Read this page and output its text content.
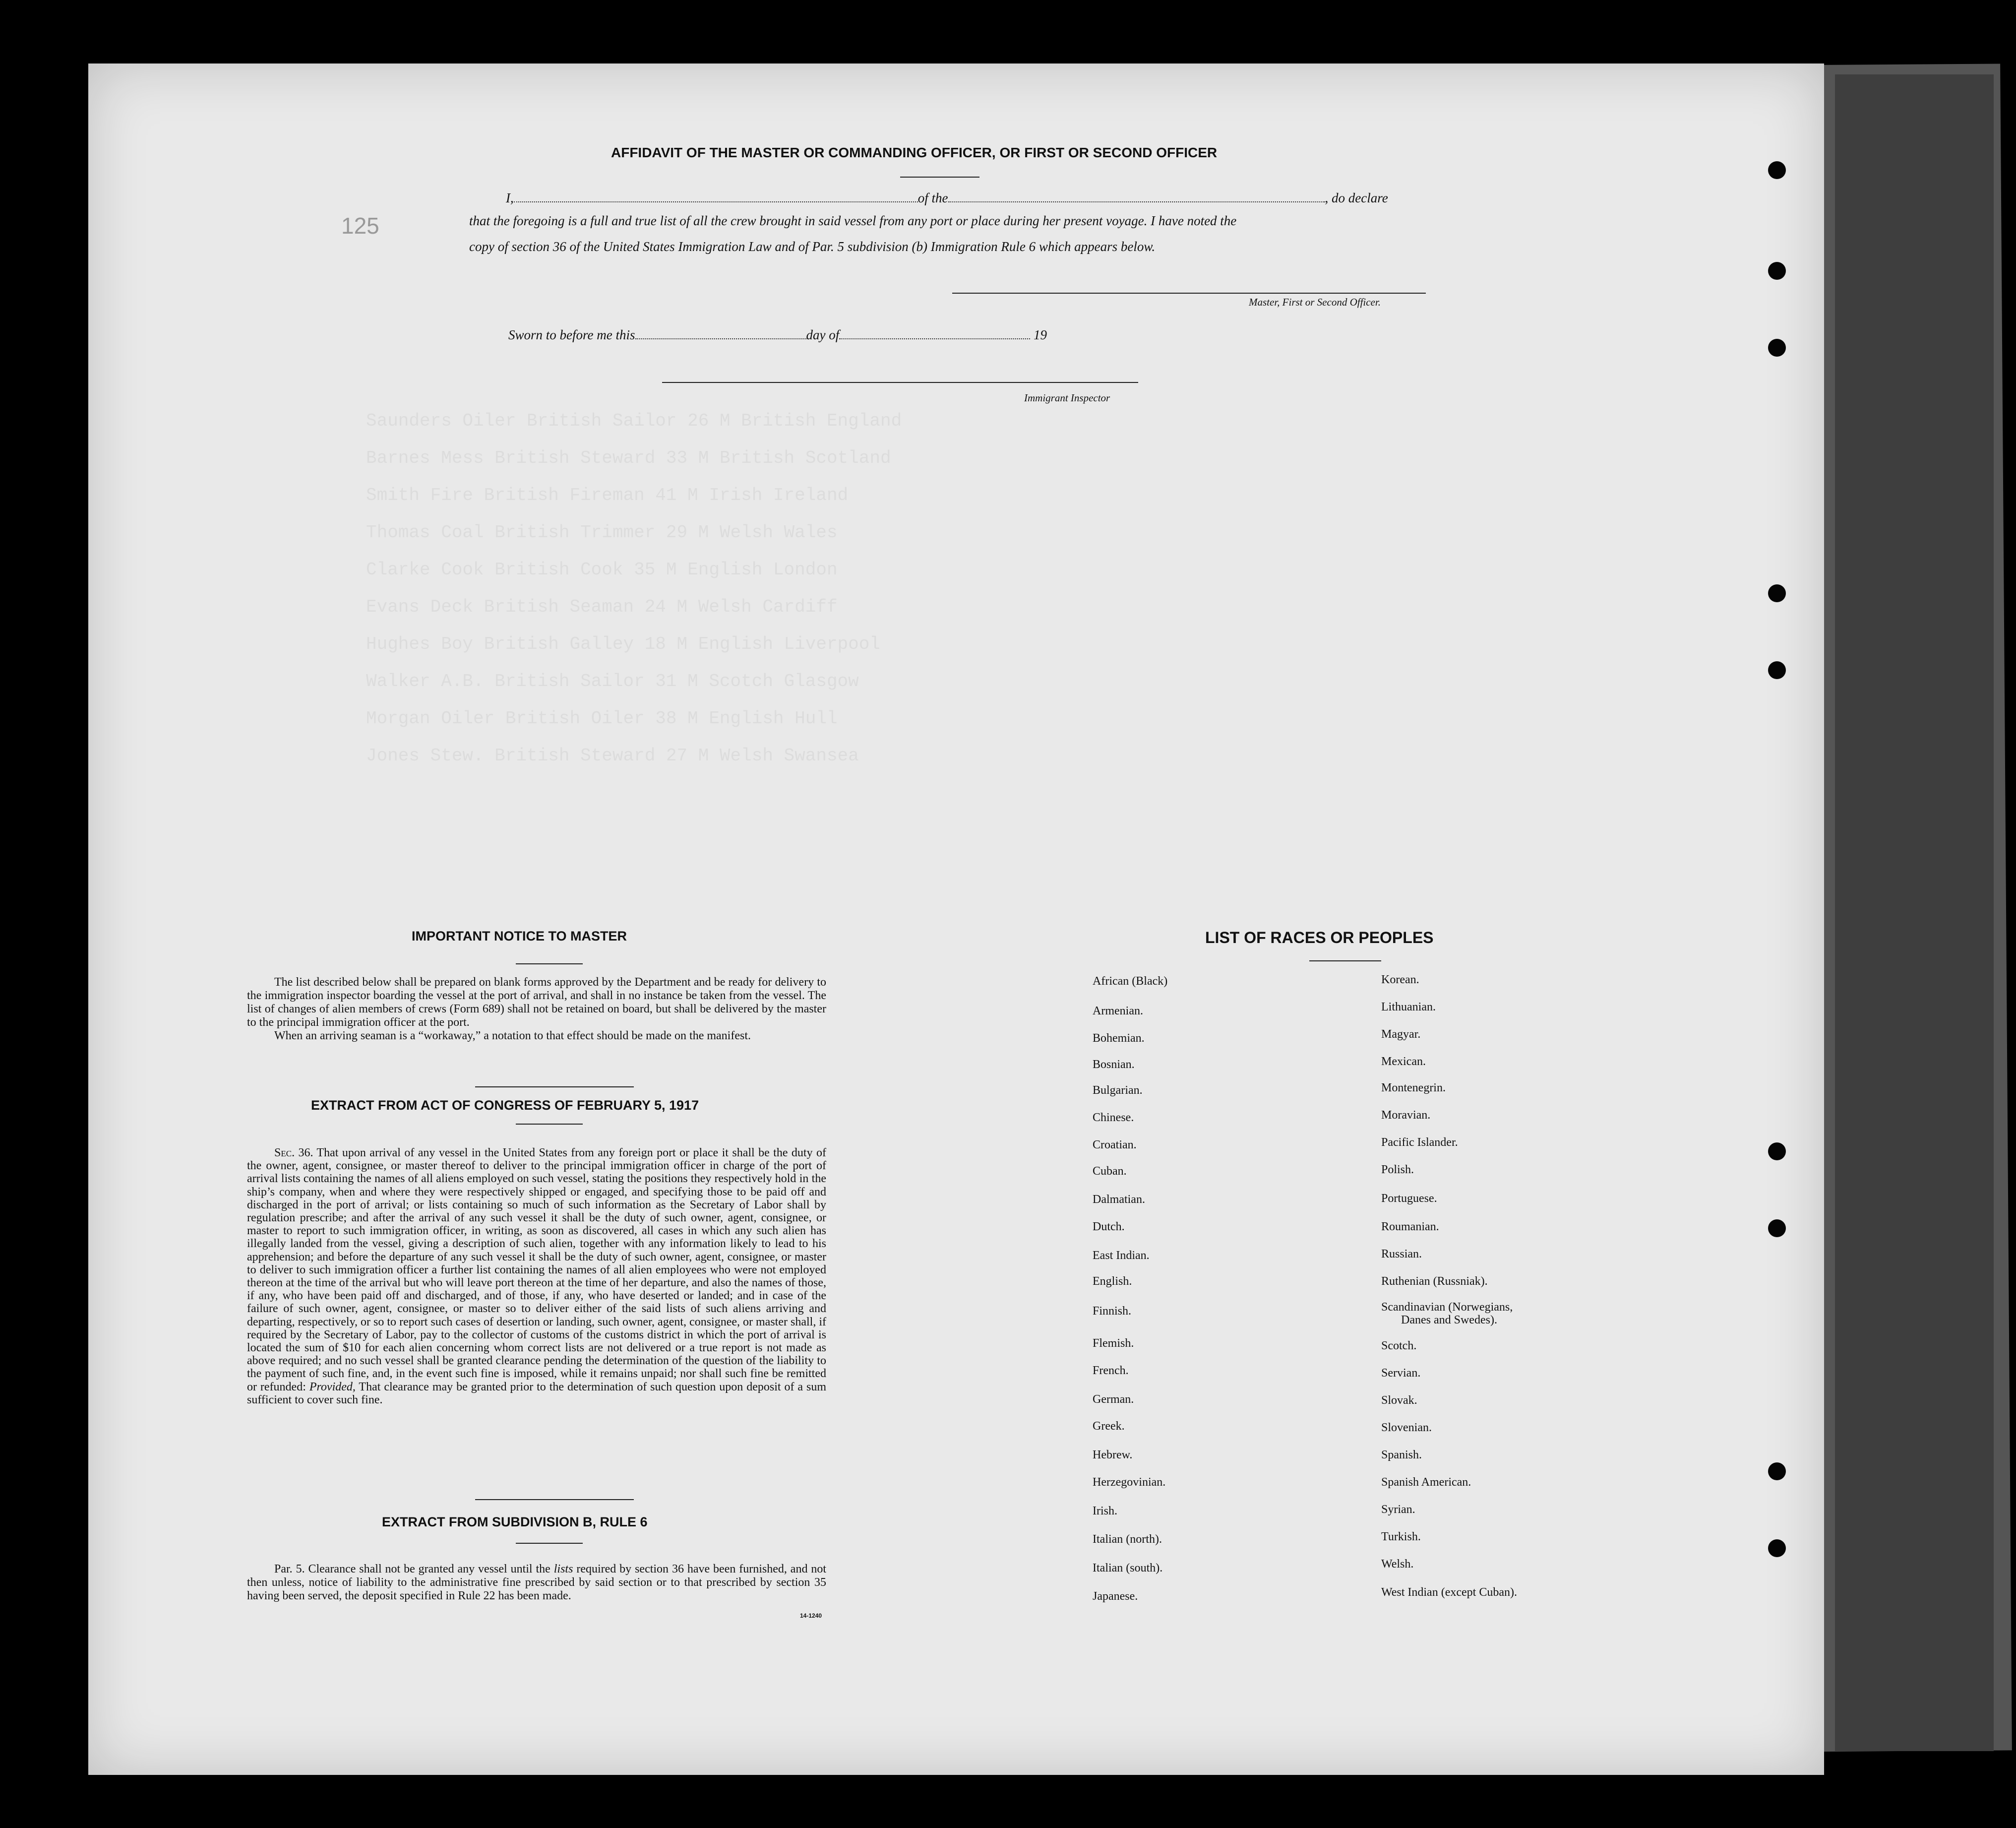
Saunders Oiler British Sailor 26 M British England
Barnes Mess British Steward 33 M British Scotland
Smith Fire British Fireman 41 M Irish Ireland
Thomas Coal British Trimmer 29 M Welsh Wales
Clarke Cook British Cook 35 M English London
Evans Deck British Seaman 24 M Welsh Cardiff
Hughes Boy British Galley 18 M English Liverpool
Walker A.B. British Sailor 31 M Scotch Glasgow
Morgan Oiler British Oiler 38 M English Hull
Jones Stew. British Steward 27 M Welsh Swansea
125
AFFIDAVIT OF THE MASTER OR COMMANDING OFFICER, OR FIRST OR SECOND OFFICER
I,	of the	, do declare
that the foregoing is a full and true list of all the crew brought in said vessel from any port or place during her present voyage. I have noted the
copy of section 36 of the United States Immigration Law and of Par. 5 subdivision (b) Immigration Rule 6 which appears below.
Master, First or Second Officer.
Sworn to before me this	day of	19
Immigrant Inspector
IMPORTANT NOTICE TO MASTER

The list described below shall be prepared on blank forms approved by the Department and be ready for delivery to the immigration inspector boarding the vessel at the port of arrival, and shall in no instance be taken from the vessel. The list of changes of alien members of crews (Form 689) shall not be retained on board, but shall be delivered by the master to the principal immigration officer at the port.

When an arriving seaman is a “workaway,” a notation to that effect should be made on the manifest.

EXTRACT FROM ACT OF CONGRESS OF FEBRUARY 5, 1917

Sec. 36. That upon arrival of any vessel in the United States from any foreign port or place it shall be the duty of the owner, agent, consignee, or master thereof to deliver to the principal immigration officer in charge of the port of arrival lists containing the names of all aliens employed on such vessel, stating the positions they respectively hold in the ship’s company, when and where they were respectively shipped or engaged, and specifying those to be paid off and discharged in the port of arrival; or lists containing so much of such information as the Secretary of Labor shall by regulation prescribe; and after the arrival of any such vessel it shall be the duty of such owner, agent, consignee, or master to report to such immigration officer, in writing, as soon as discovered, all cases in which any such alien has illegally landed from the vessel, giving a description of such alien, together with any information likely to lead to his apprehension; and before the departure of any such vessel it shall be the duty of such owner, agent, consignee, or master to deliver to such immigration officer a further list containing the names of all alien employees who were not employed thereon at the time of the arrival but who will leave port thereon at the time of her departure, and also the names of those, if any, who have been paid off and discharged, and of those, if any, who have deserted or landed; and in case of the failure of such owner, agent, consignee, or master so to deliver either of the said lists of such aliens arriving and departing, respectively, or so to report such cases of desertion or landing, such owner, agent, consignee, or master shall, if required by the Secretary of Labor, pay to the collector of customs of the customs district in which the port of arrival is located the sum of $10 for each alien concerning whom correct lists are not delivered or a true report is not made as above required; and no such vessel shall be granted clearance pending the determination of the question of the liability to the payment of such fine, and, in the event such fine is imposed, while it remains unpaid; nor shall such fine be remitted or refunded: Provided, That clearance may be granted prior to the determination of such question upon deposit of a sum sufficient to cover such fine.

EXTRACT FROM SUBDIVISION B, RULE 6

Par. 5. Clearance shall not be granted any vessel until the lists required by section 36 have been furnished, and not then unless, notice of liability to the administrative fine prescribed by said section or to that prescribed by section 35 having been served, the deposit specified in Rule 22 has been made.

14-1240
LIST OF RACES OR PEOPLES
African (Black)
Armenian.
Bohemian.
Bosnian.
Bulgarian.
Chinese.
Croatian.
Cuban.
Dalmatian.
Dutch.
East Indian.
English.
Finnish.
Flemish.
French.
German.
Greek.
Hebrew.
Herzegovinian.
Irish.
Italian (north).
Italian (south).
Japanese.
Korean.
Lithuanian.
Magyar.
Mexican.
Montenegrin.
Moravian.
Pacific Islander.
Polish.
Portuguese.
Roumanian.
Russian.
Ruthenian (Russniak).
Scandinavian (Norwegians,
Danes and Swedes).
Scotch.
Servian.
Slovak.
Slovenian.
Spanish.
Spanish American.
Syrian.
Turkish.
Welsh.
West Indian (except Cuban).
